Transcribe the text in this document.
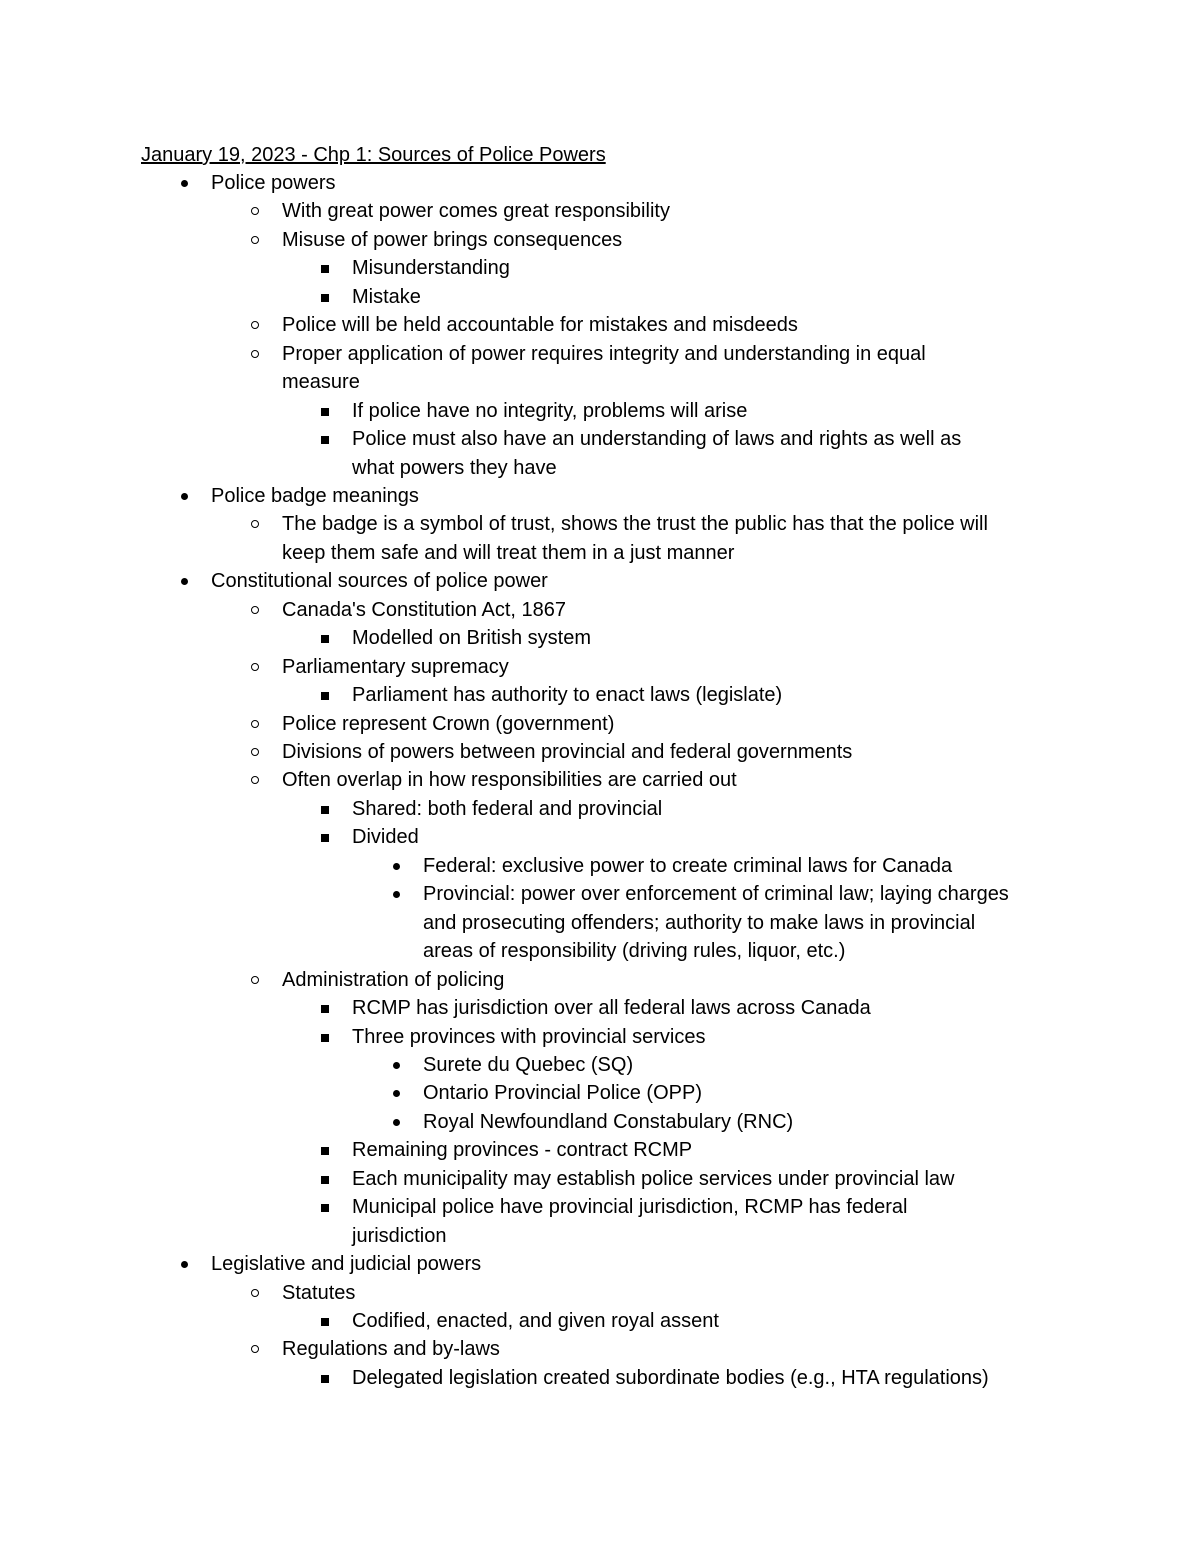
January 19, 2023 - Chp 1: Sources of Police Powers
Police powers
With great power comes great responsibility
Misuse of power brings consequences
Misunderstanding
Mistake
Police will be held accountable for mistakes and misdeeds
Proper application of power requires integrity and understanding in equal
measure
If police have no integrity, problems will arise
Police must also have an understanding of laws and rights as well as
what powers they have
Police badge meanings
The badge is a symbol of trust, shows the trust the public has that the police will
keep them safe and will treat them in a just manner
Constitutional sources of police power
Canada's Constitution Act, 1867
Modelled on British system
Parliamentary supremacy
Parliament has authority to enact laws (legislate)
Police represent Crown (government)
Divisions of powers between provincial and federal governments
Often overlap in how responsibilities are carried out
Shared: both federal and provincial
Divided
Federal: exclusive power to create criminal laws for Canada
Provincial: power over enforcement of criminal law; laying charges
and prosecuting offenders; authority to make laws in provincial
areas of responsibility (driving rules, liquor, etc.)
Administration of policing
RCMP has jurisdiction over all federal laws across Canada
Three provinces with provincial services
Surete du Quebec (SQ)
Ontario Provincial Police (OPP)
Royal Newfoundland Constabulary (RNC)
Remaining provinces - contract RCMP
Each municipality may establish police services under provincial law
Municipal police have provincial jurisdiction, RCMP has federal
jurisdiction
Legislative and judicial powers
Statutes
Codified, enacted, and given royal assent
Regulations and by-laws
Delegated legislation created subordinate bodies (e.g., HTA regulations)
